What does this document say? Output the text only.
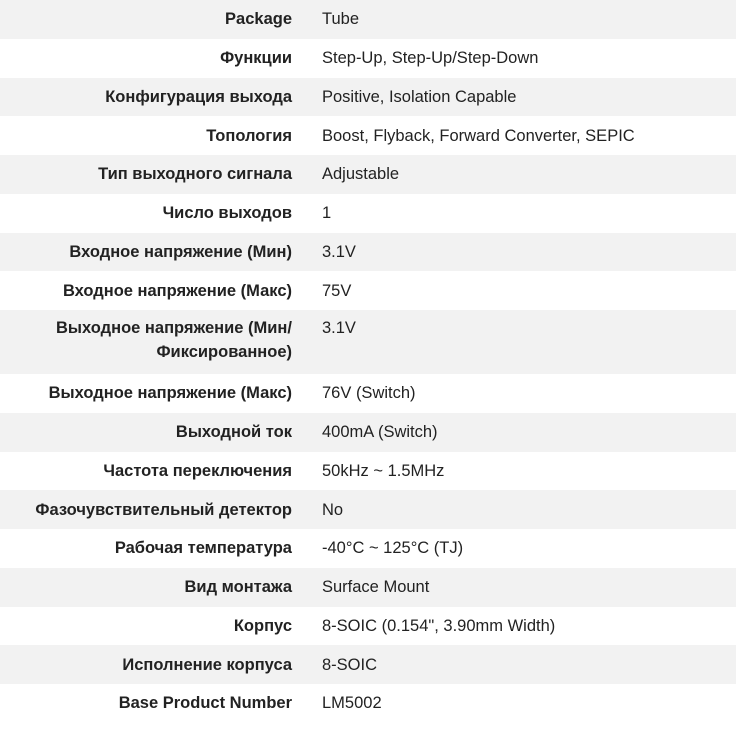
Package	Tube
Функции	Step-Up, Step-Up/Step-Down
Конфигурация выхода	Positive, Isolation Capable
Топология	Boost, Flyback, Forward Converter, SEPIC
Тип выходного сигнала	Adjustable
Число выходов	1
Входное напряжение (Мин)	3.1V
Входное напряжение (Макс)	75V
Выходное напряжение (Мин/ Фиксированное)	3.1V
Выходное напряжение (Макс)	76V (Switch)
Выходной ток	400mA (Switch)
Частота переключения	50kHz ~ 1.5MHz
Фазочувствительный детектор	No
Рабочая температура	-40°C ~ 125°C (TJ)
Вид монтажа	Surface Mount
Корпус	8-SOIC (0.154", 3.90mm Width)
Исполнение корпуса	8-SOIC
Base Product Number	LM5002
